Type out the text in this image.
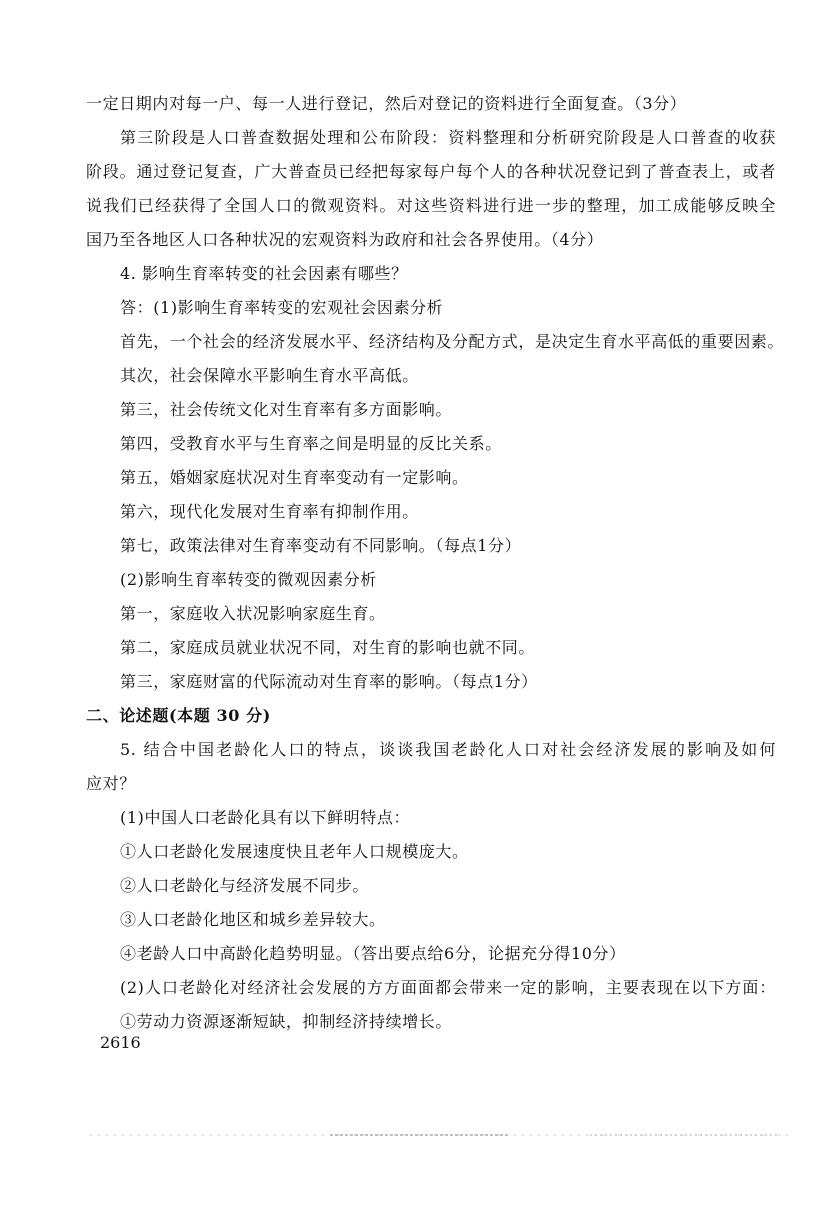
一定日期内对每一户、每一人进行登记，然后对登记的资料进行全面复查。（3分）
第三阶段是人口普查数据处理和公布阶段：资料整理和分析研究阶段是人口普查的收获
阶段。通过登记复查，广大普查员已经把每家每户每个人的各种状况登记到了普查表上，或者
说我们已经获得了全国人口的微观资料。对这些资料进行进一步的整理，加工成能够反映全
国乃至各地区人口各种状况的宏观资料为政府和社会各界使用。（4分）
4. 影响生育率转变的社会因素有哪些？
答：(1)影响生育率转变的宏观社会因素分析
首先，一个社会的经济发展水平、经济结构及分配方式，是决定生育水平高低的重要因素。
其次，社会保障水平影响生育水平高低。
第三，社会传统文化对生育率有多方面影响。
第四，受教育水平与生育率之间是明显的反比关系。
第五，婚姻家庭状况对生育率变动有一定影响。
第六，现代化发展对生育率有抑制作用。
第七，政策法律对生育率变动有不同影响。（每点1分）
(2)影响生育率转变的微观因素分析
第一，家庭收入状况影响家庭生育。
第二，家庭成员就业状况不同，对生育的影响也就不同。
第三，家庭财富的代际流动对生育率的影响。（每点1分）
二、论述题(本题 30 分)
5. 结合中国老龄化人口的特点，谈谈我国老龄化人口对社会经济发展的影响及如何
应对？
(1)中国人口老龄化具有以下鲜明特点：
①人口老龄化发展速度快且老年人口规模庞大。
②人口老龄化与经济发展不同步。
③人口老龄化地区和城乡差异较大。
④老龄人口中高龄化趋势明显。（答出要点给6分，论据充分得10分）
(2)人口老龄化对经济社会发展的方方面面都会带来一定的影响，主要表现在以下方面：
①劳动力资源逐渐短缺，抑制经济持续增长。
2616
